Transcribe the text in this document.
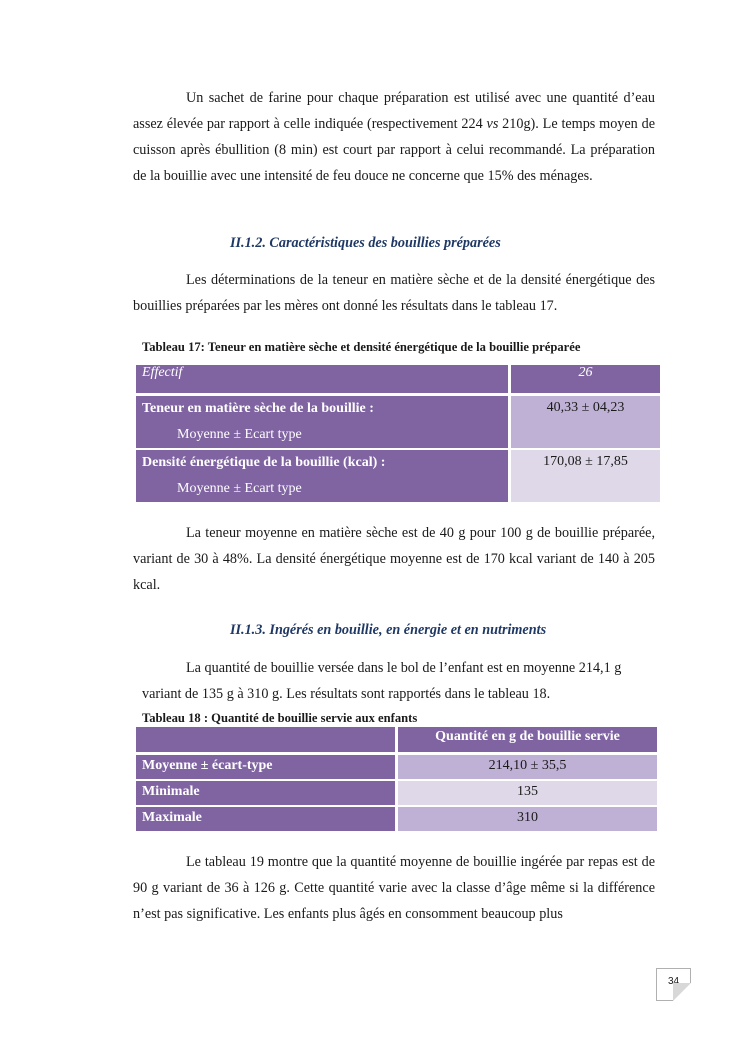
Un sachet de farine pour chaque préparation est utilisé avec une quantité d’eau assez élevée par rapport à celle indiquée (respectivement 224 vs 210g). Le temps moyen de cuisson après ébullition (8 min) est court par rapport à celui recommandé. La préparation de la bouillie avec une intensité de feu douce ne concerne que 15% des ménages.

II.1.2. Caractéristiques des bouillies préparées

Les déterminations de la teneur en matière sèche et de la densité énergétique des bouillies préparées par les mères ont donné les résultats dans le tableau 17.

Tableau 17: Teneur en matière sèche et densité énergétique de la bouillie préparée

Effectif	26

Teneur en matière sèche de la bouillie :
Moyenne ± Ecart type	40,33 ± 04,23

Densité énergétique de la bouillie (kcal) :
Moyenne ± Ecart type	170,08 ± 17,85

La teneur moyenne en matière sèche est de 40 g pour 100 g de bouillie préparée, variant de 30 à 48%. La densité énergétique moyenne est de 170 kcal variant de 140 à 205 kcal.

II.1.3. Ingérés en bouillie, en énergie et en nutriments

La quantité de bouillie versée dans le bol de l’enfant est en moyenne 214,1 g
variant de 135 g à 310 g. Les résultats sont rapportés dans le tableau 18.

Tableau 18 : Quantité de bouillie servie aux enfants

	Quantité en g de bouillie servie

Moyenne ± écart-type	214,10 ± 35,5

Minimale	135

Maximale	310

Le tableau 19 montre que la quantité moyenne de bouillie ingérée par repas est de 90 g variant de 36 à 126 g. Cette quantité varie avec la classe d’âge même si la différence n’est pas significative. Les enfants plus âgés en consomment beaucoup plus

34
